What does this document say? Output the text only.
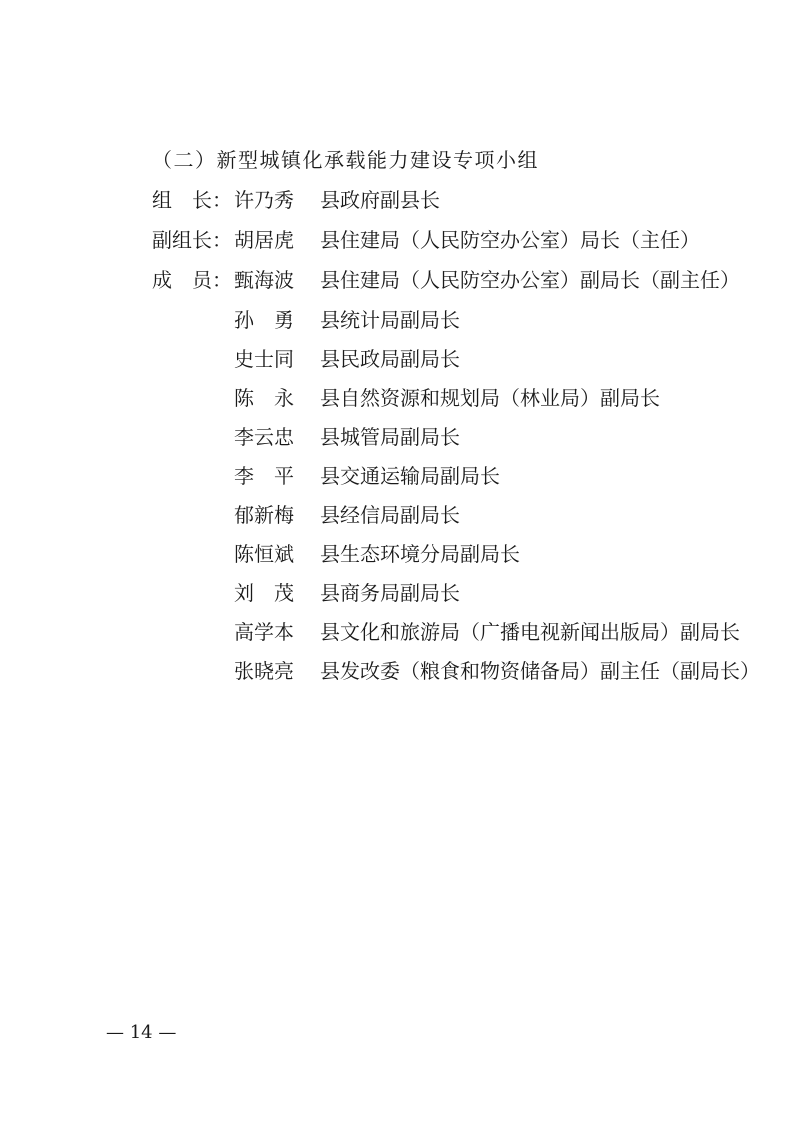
（二）新型城镇化承载能力建设专项小组
组　长： 许乃秀	县政府副县长
副组长： 胡居虎	县住建局（人民防空办公室）局长（主任）
成　员： 甄海波	县住建局（人民防空办公室）副局长（副主任）
孙　勇	县统计局副局长
史士同	县民政局副局长
陈　永	县自然资源和规划局（林业局）副局长
李云忠	县城管局副局长
李　平	县交通运输局副局长
郁新梅	县经信局副局长
陈恒斌	县生态环境分局副局长
刘　茂	县商务局副局长
高学本	县文化和旅游局（广播电视新闻出版局）副局长
张晓亮	县发改委（粮食和物资储备局）副主任（副局长）
— 14 —
